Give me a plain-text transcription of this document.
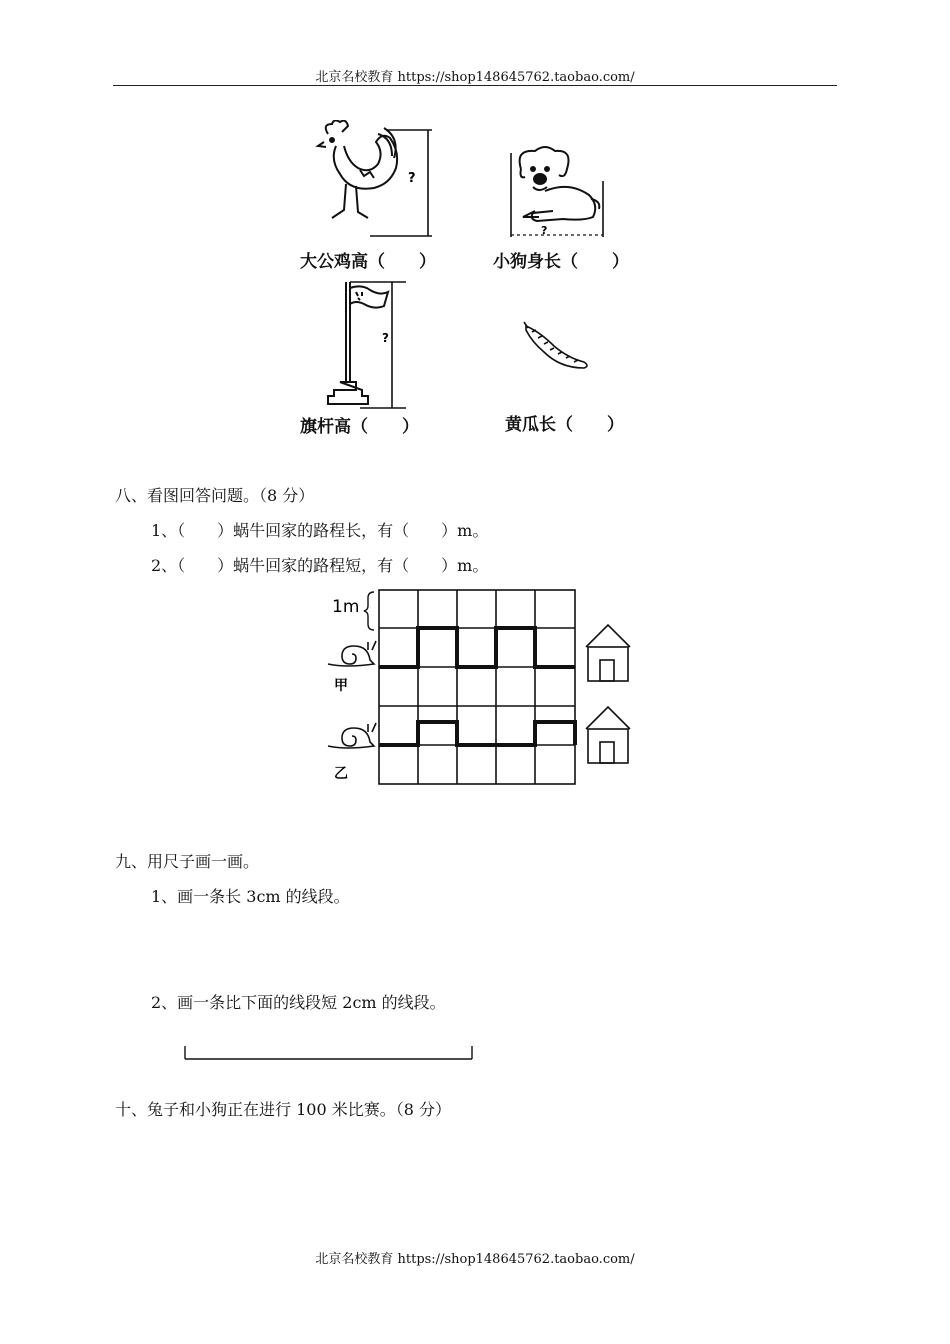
北京名校教育 https://shop148645762.taobao.com/
?
大公鸡高（　　）
?
小狗身长（　　）
?
旗杆高（　　）	黄瓜长（　　）
八、看图回答问题。（8 分）
1、（　　）蜗牛回家的路程长，有（　　）m。
2、（　　）蜗牛回家的路程短，有（　　）m。
1m
甲
乙
九、用尺子画一画。
1、画一条长 3cm 的线段。
2、画一条比下面的线段短 2cm 的线段。
十、兔子和小狗正在进行 100 米比赛。（8 分）
北京名校教育 https://shop148645762.taobao.com/
